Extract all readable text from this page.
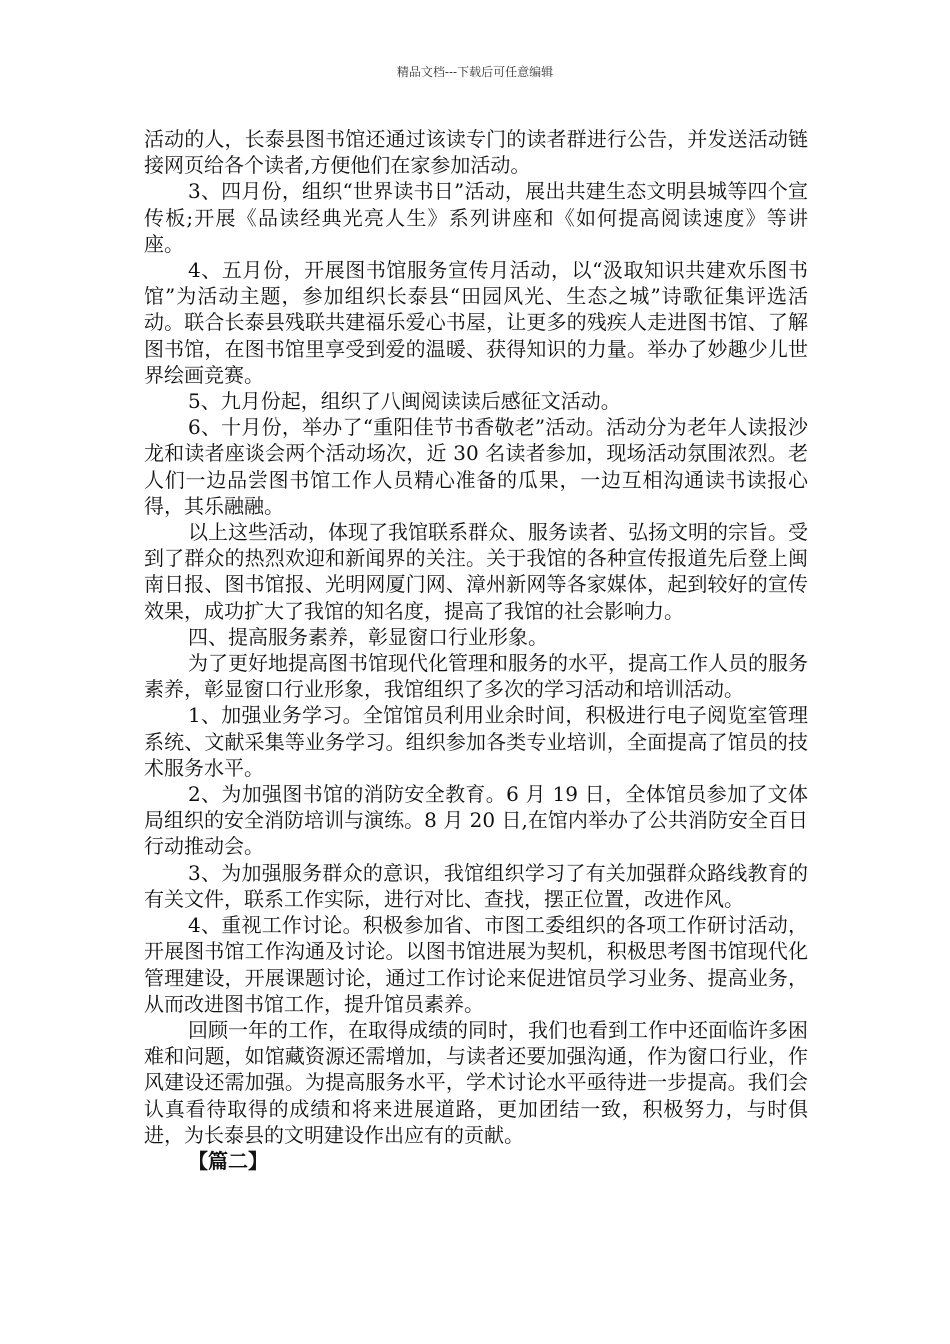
精品文档---下载后可任意编辑

活动的人，长泰县图书馆还通过该读专门的读者群进行公告，并发送活动链接网页给各个读者,方便他们在家参加活动。

3、四月份，组织“世界读书日”活动，展出共建生态文明县城等四个宣传板;开展《品读经典光亮人生》系列讲座和《如何提高阅读速度》等讲座。

4、五月份，开展图书馆服务宣传月活动，以“汲取知识共建欢乐图书馆”为活动主题，参加组织长泰县“田园风光、生态之城”诗歌征集评选活动。联合长泰县残联共建福乐爱心书屋，让更多的残疾人走进图书馆、了解图书馆，在图书馆里享受到爱的温暖、获得知识的力量。举办了妙趣少儿世界绘画竞赛。

5、九月份起，组织了八闽阅读读后感征文活动。

6、十月份，举办了“重阳佳节书香敬老”活动。活动分为老年人读报沙龙和读者座谈会两个活动场次，近 30 名读者参加，现场活动氛围浓烈。老人们一边品尝图书馆工作人员精心准备的瓜果，一边互相沟通读书读报心得，其乐融融。

以上这些活动，体现了我馆联系群众、服务读者、弘扬文明的宗旨。受到了群众的热烈欢迎和新闻界的关注。关于我馆的各种宣传报道先后登上闽南日报、图书馆报、光明网厦门网、漳州新网等各家媒体，起到较好的宣传效果，成功扩大了我馆的知名度，提高了我馆的社会影响力。

四、提高服务素养，彰显窗口行业形象。

为了更好地提高图书馆现代化管理和服务的水平，提高工作人员的服务素养，彰显窗口行业形象，我馆组织了多次的学习活动和培训活动。

1、加强业务学习。全馆馆员利用业余时间，积极进行电子阅览室管理系统、文献采集等业务学习。组织参加各类专业培训，全面提高了馆员的技术服务水平。

2、为加强图书馆的消防安全教育。6 月 19 日，全体馆员参加了文体局组织的安全消防培训与演练。8 月 20 日,在馆内举办了公共消防安全百日行动推动会。

3、为加强服务群众的意识，我馆组织学习了有关加强群众路线教育的有关文件，联系工作实际，进行对比、查找，摆正位置，改进作风。

4、重视工作讨论。积极参加省、市图工委组织的各项工作研讨活动，开展图书馆工作沟通及讨论。以图书馆进展为契机，积极思考图书馆现代化管理建设，开展课题讨论，通过工作讨论来促进馆员学习业务、提高业务，从而改进图书馆工作，提升馆员素养。

回顾一年的工作，在取得成绩的同时，我们也看到工作中还面临许多困难和问题，如馆藏资源还需增加，与读者还要加强沟通，作为窗口行业，作风建设还需加强。为提高服务水平，学术讨论水平亟待进一步提高。我们会认真看待取得的成绩和将来进展道路，更加团结一致，积极努力，与时俱进，为长泰县的文明建设作出应有的贡献。

【篇二】
